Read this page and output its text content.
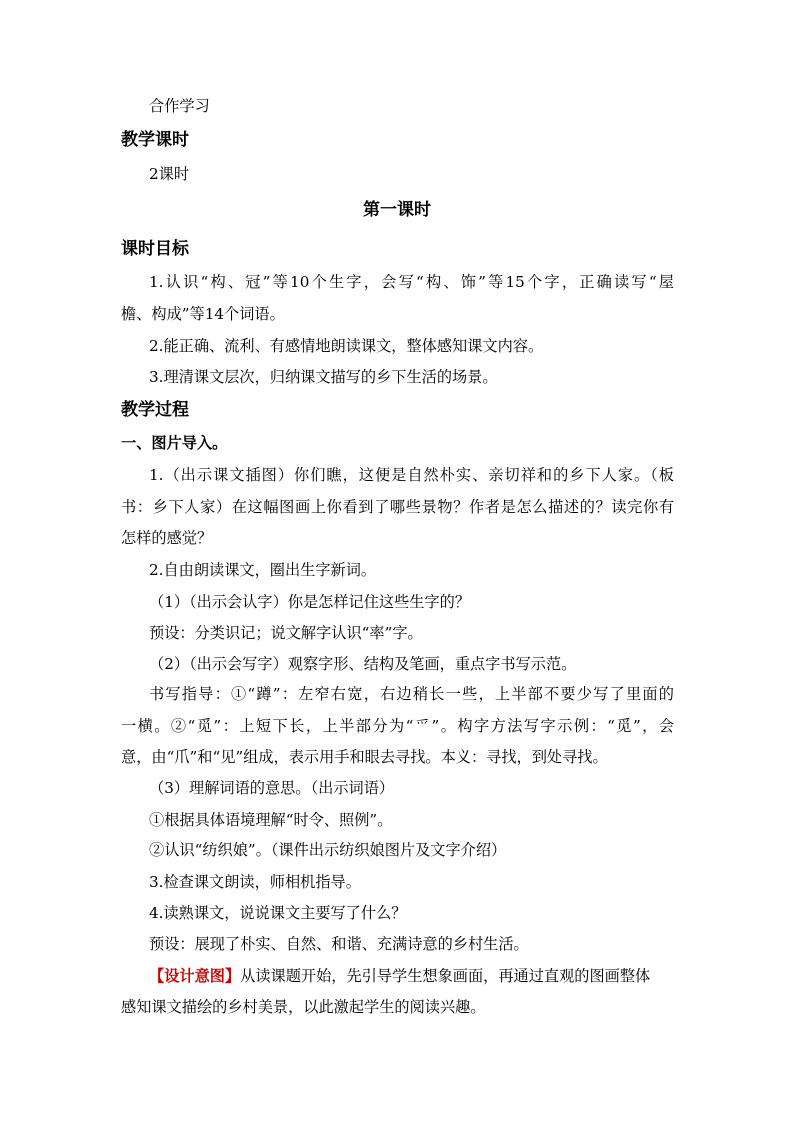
合作学习
教学课时
2课时
第一课时
课时目标
1.认识“构、冠”等10个生字，会写“构、饰”等15个字，正确读写“屋
檐、构成”等14个词语。
2.能正确、流利、有感情地朗读课文，整体感知课文内容。
3.理清课文层次，归纳课文描写的乡下生活的场景。
教学过程
一、图片导入。
1.（出示课文插图）你们瞧，这便是自然朴实、亲切祥和的乡下人家。（板
书：乡下人家）在这幅图画上你看到了哪些景物？作者是怎么描述的？读完你有
怎样的感觉？
2.自由朗读课文，圈出生字新词。
（1）（出示会认字）你是怎样记住这些生字的？
预设：分类识记；说文解字认识“率”字。
（2）（出示会写字）观察字形、结构及笔画，重点字书写示范。
书写指导：①“蹲”：左窄右宽，右边稍长一些，上半部不要少写了里面的
一横。②“觅”：上短下长，上半部分为“爫”。构字方法写字示例：“觅”，会
意，由“爪”和“见”组成，表示用手和眼去寻找。本义：寻找，到处寻找。
（3）理解词语的意思。（出示词语）
①根据具体语境理解“时令、照例”。
②认识“纺织娘”。（课件出示纺织娘图片及文字介绍）
3.检查课文朗读，师相机指导。
4.读熟课文，说说课文主要写了什么？
预设：展现了朴实、自然、和谐、充满诗意的乡村生活。
【设计意图】从读课题开始，先引导学生想象画面，再通过直观的图画整体
感知课文描绘的乡村美景，以此激起学生的阅读兴趣。
